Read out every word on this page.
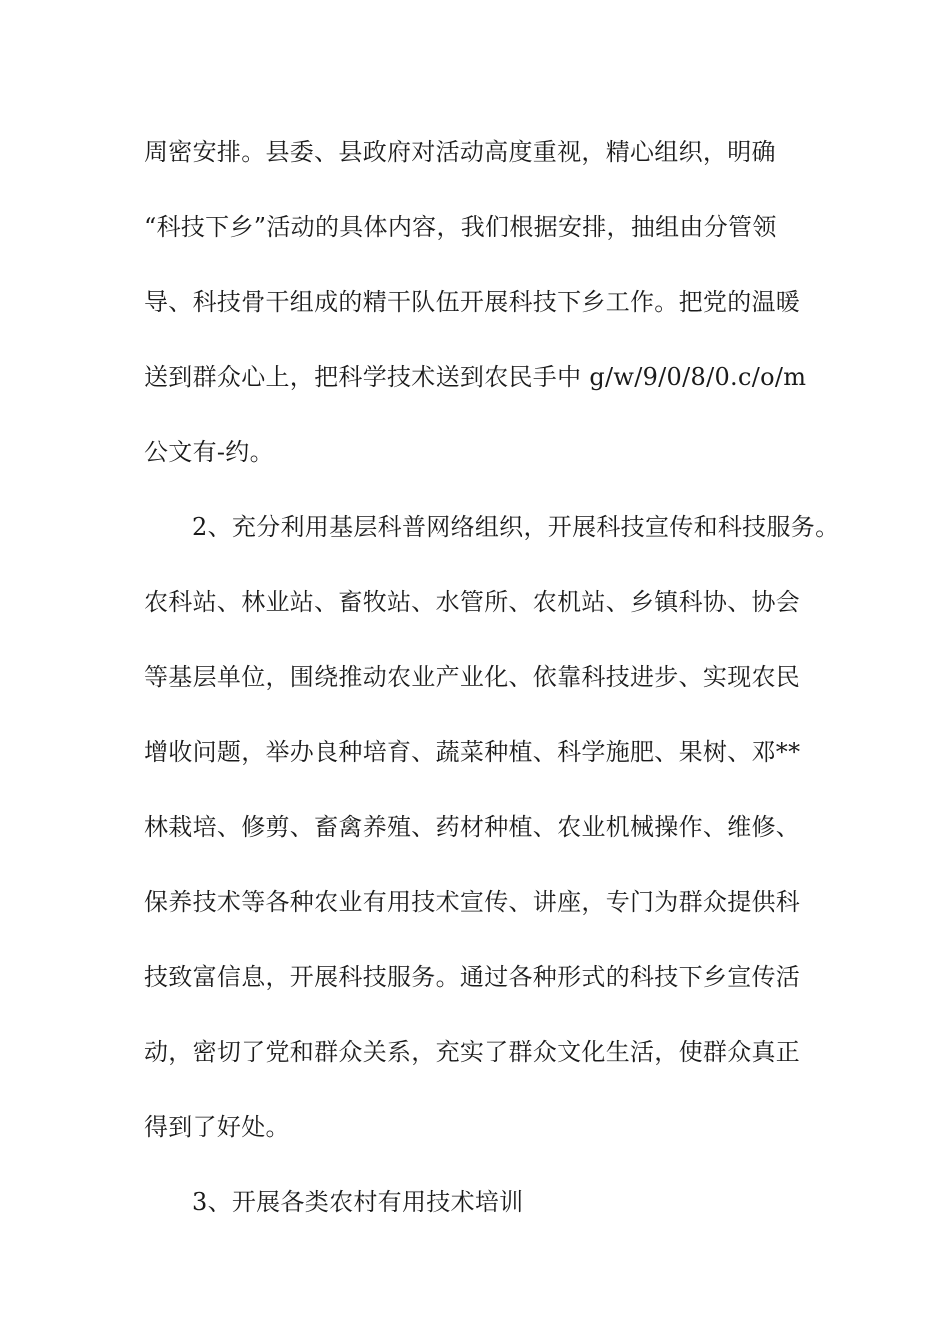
周密安排。县委、县政府对活动高度重视，精心组织，明确
“科技下乡”活动的具体内容，我们根据安排，抽组由分管领
导、科技骨干组成的精干队伍开展科技下乡工作。把党的温暖
送到群众心上，把科学技术送到农民手中 g/w/9/0/8/0.c/o/m
公文有-约。
2、充分利用基层科普网络组织，开展科技宣传和科技服务。
农科站、林业站、畜牧站、水管所、农机站、乡镇科协、协会
等基层单位，围绕推动农业产业化、依靠科技进步、实现农民
增收问题，举办良种培育、蔬菜种植、科学施肥、果树、邓**
林栽培、修剪、畜禽养殖、药材种植、农业机械操作、维修、
保养技术等各种农业有用技术宣传、讲座，专门为群众提供科
技致富信息，开展科技服务。通过各种形式的科技下乡宣传活
动，密切了党和群众关系，充实了群众文化生活，使群众真正
得到了好处。
3、开展各类农村有用技术培训
